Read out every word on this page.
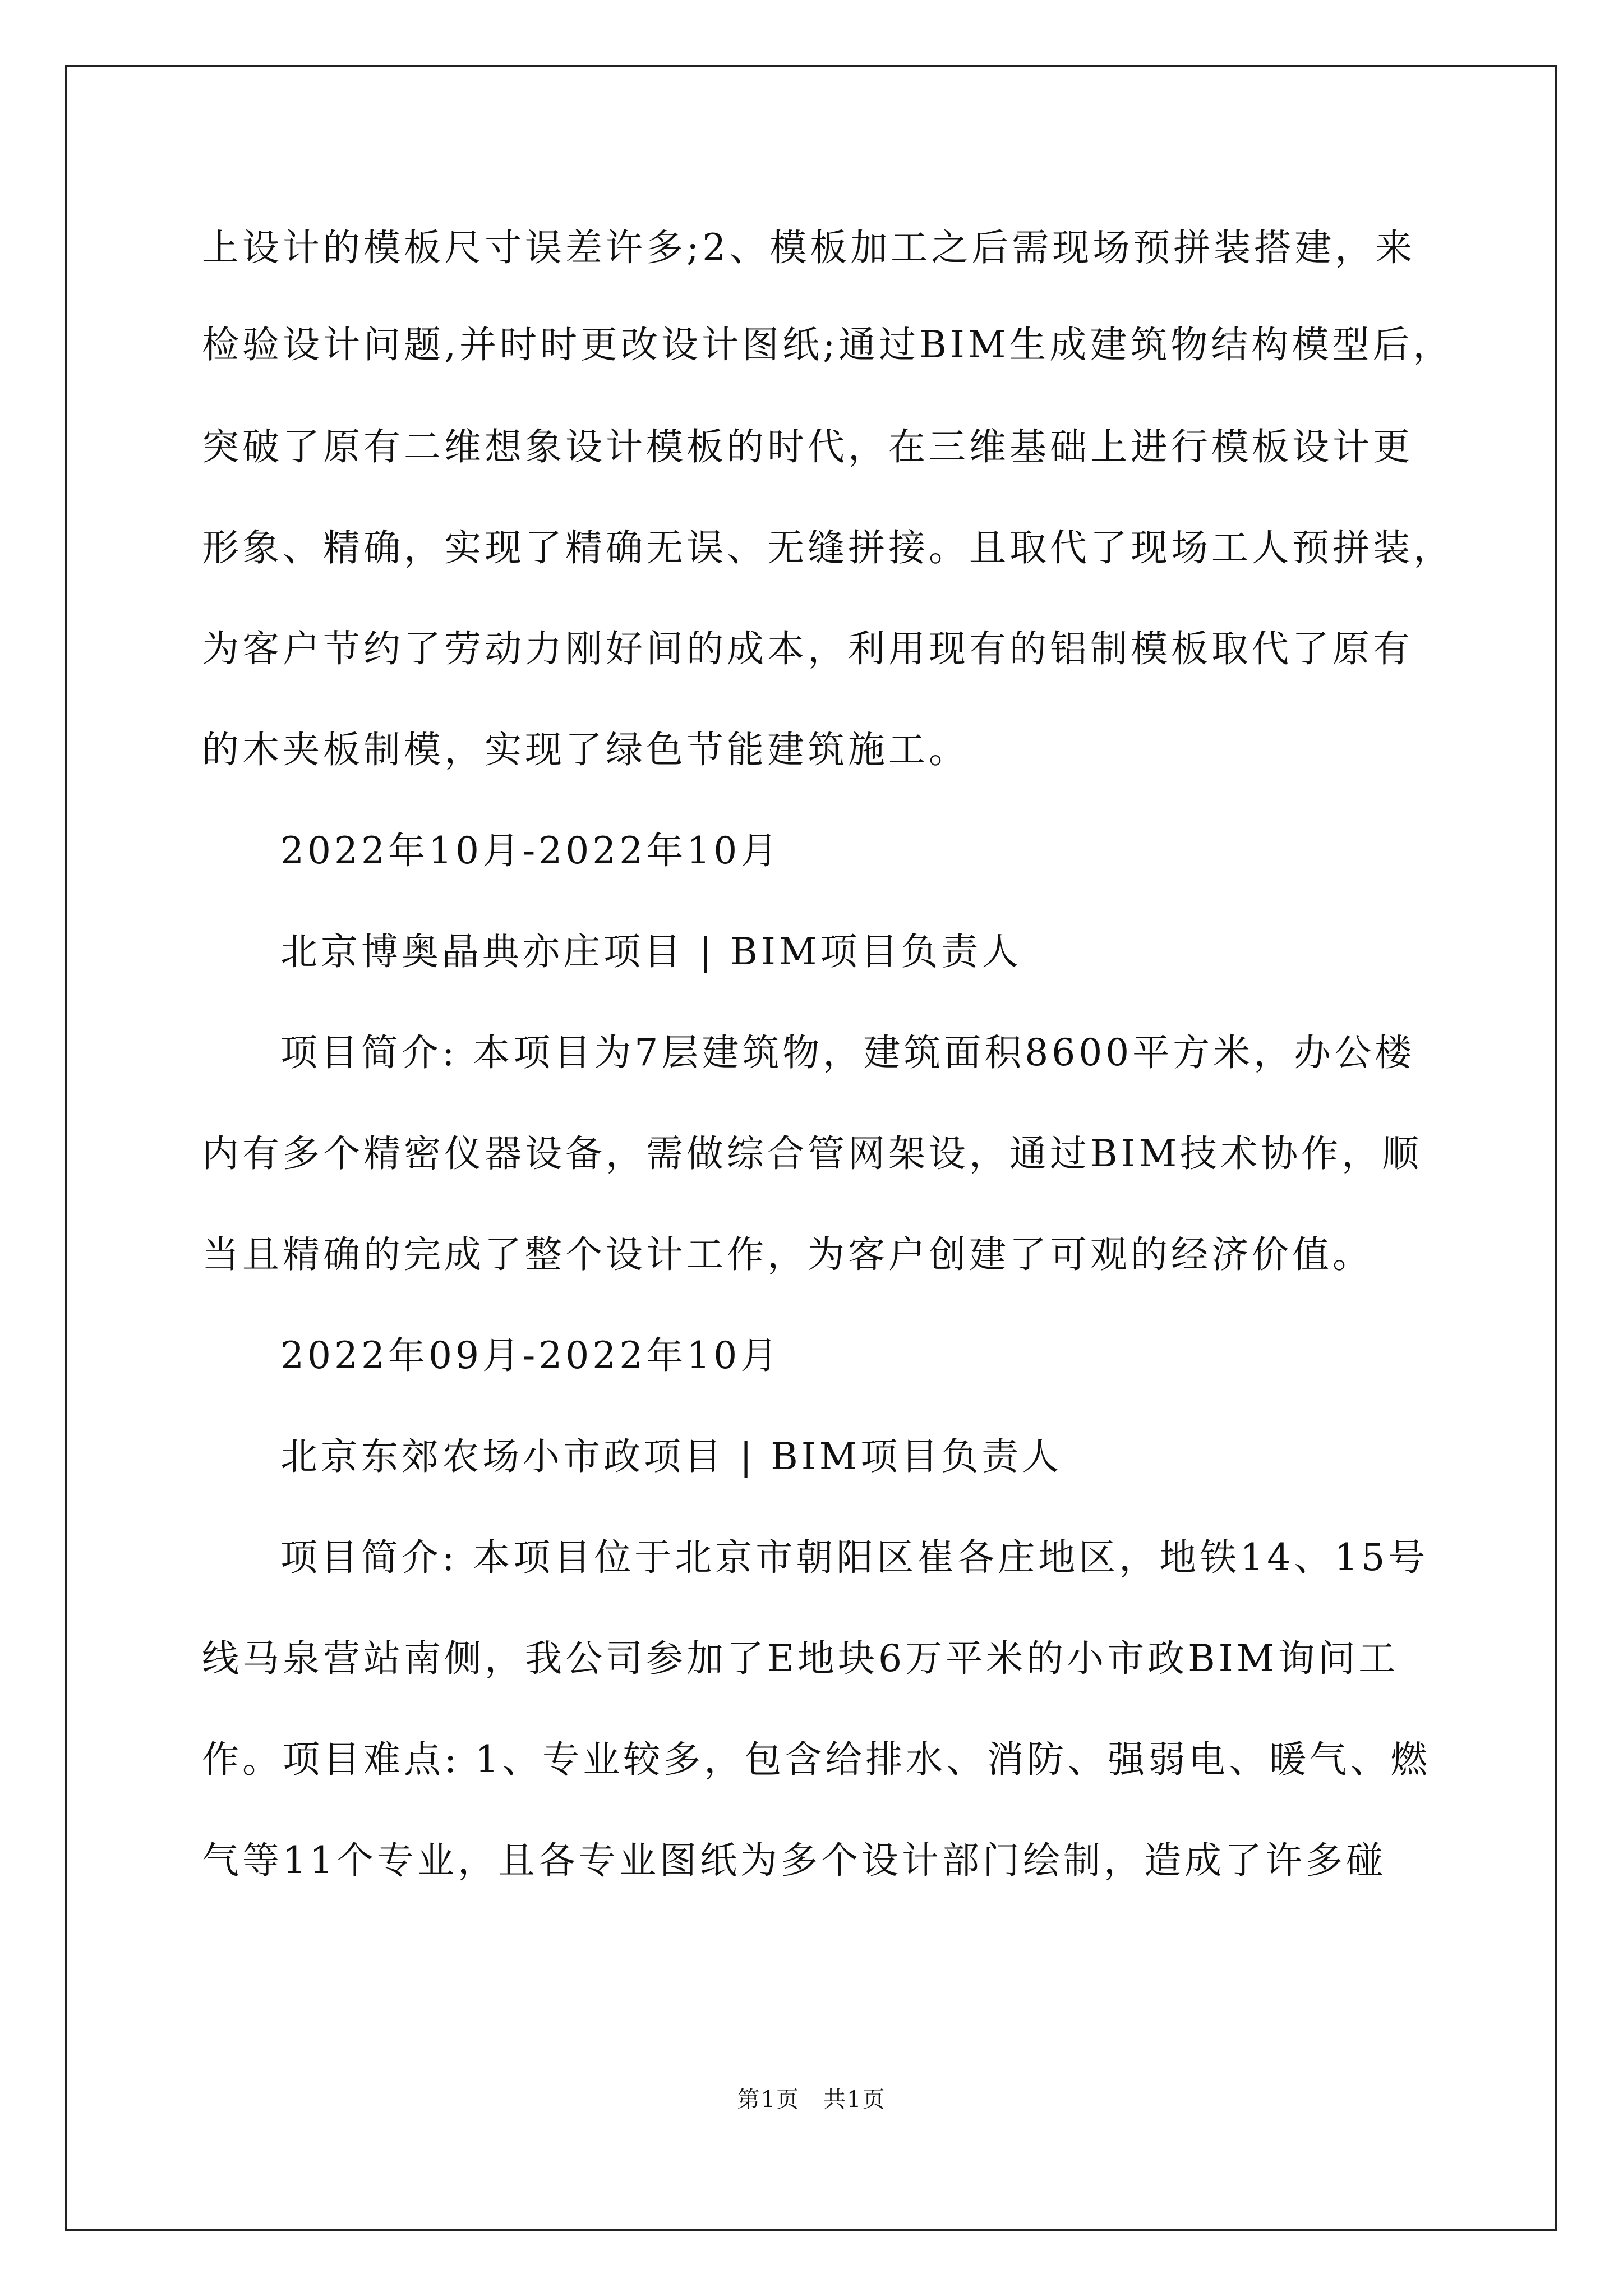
上设计的模板尺寸误差许多;2、模板加工之后需现场预拼装搭建，来
检验设计问题,并时时更改设计图纸;通过BIM生成建筑物结构模型后，
突破了原有二维想象设计模板的时代，在三维基础上进行模板设计更
形象、精确，实现了精确无误、无缝拼接。且取代了现场工人预拼装，
为客户节约了劳动力刚好间的成本，利用现有的铝制模板取代了原有
的木夹板制模，实现了绿色节能建筑施工。
2022年10月-2022年10月
北京博奥晶典亦庄项目 | BIM项目负责人
项目简介: 本项目为7层建筑物，建筑面积8600平方米，办公楼
内有多个精密仪器设备，需做综合管网架设，通过BIM技术协作，顺
当且精确的完成了整个设计工作，为客户创建了可观的经济价值。
2022年09月-2022年10月
北京东郊农场小市政项目 | BIM项目负责人
项目简介: 本项目位于北京市朝阳区崔各庄地区，地铁14、15号
线马泉营站南侧，我公司参加了E地块6万平米的小市政BIM询问工
作。项目难点: 1、专业较多，包含给排水、消防、强弱电、暖气、燃
气等11个专业，且各专业图纸为多个设计部门绘制，造成了许多碰
第1页　共1页
